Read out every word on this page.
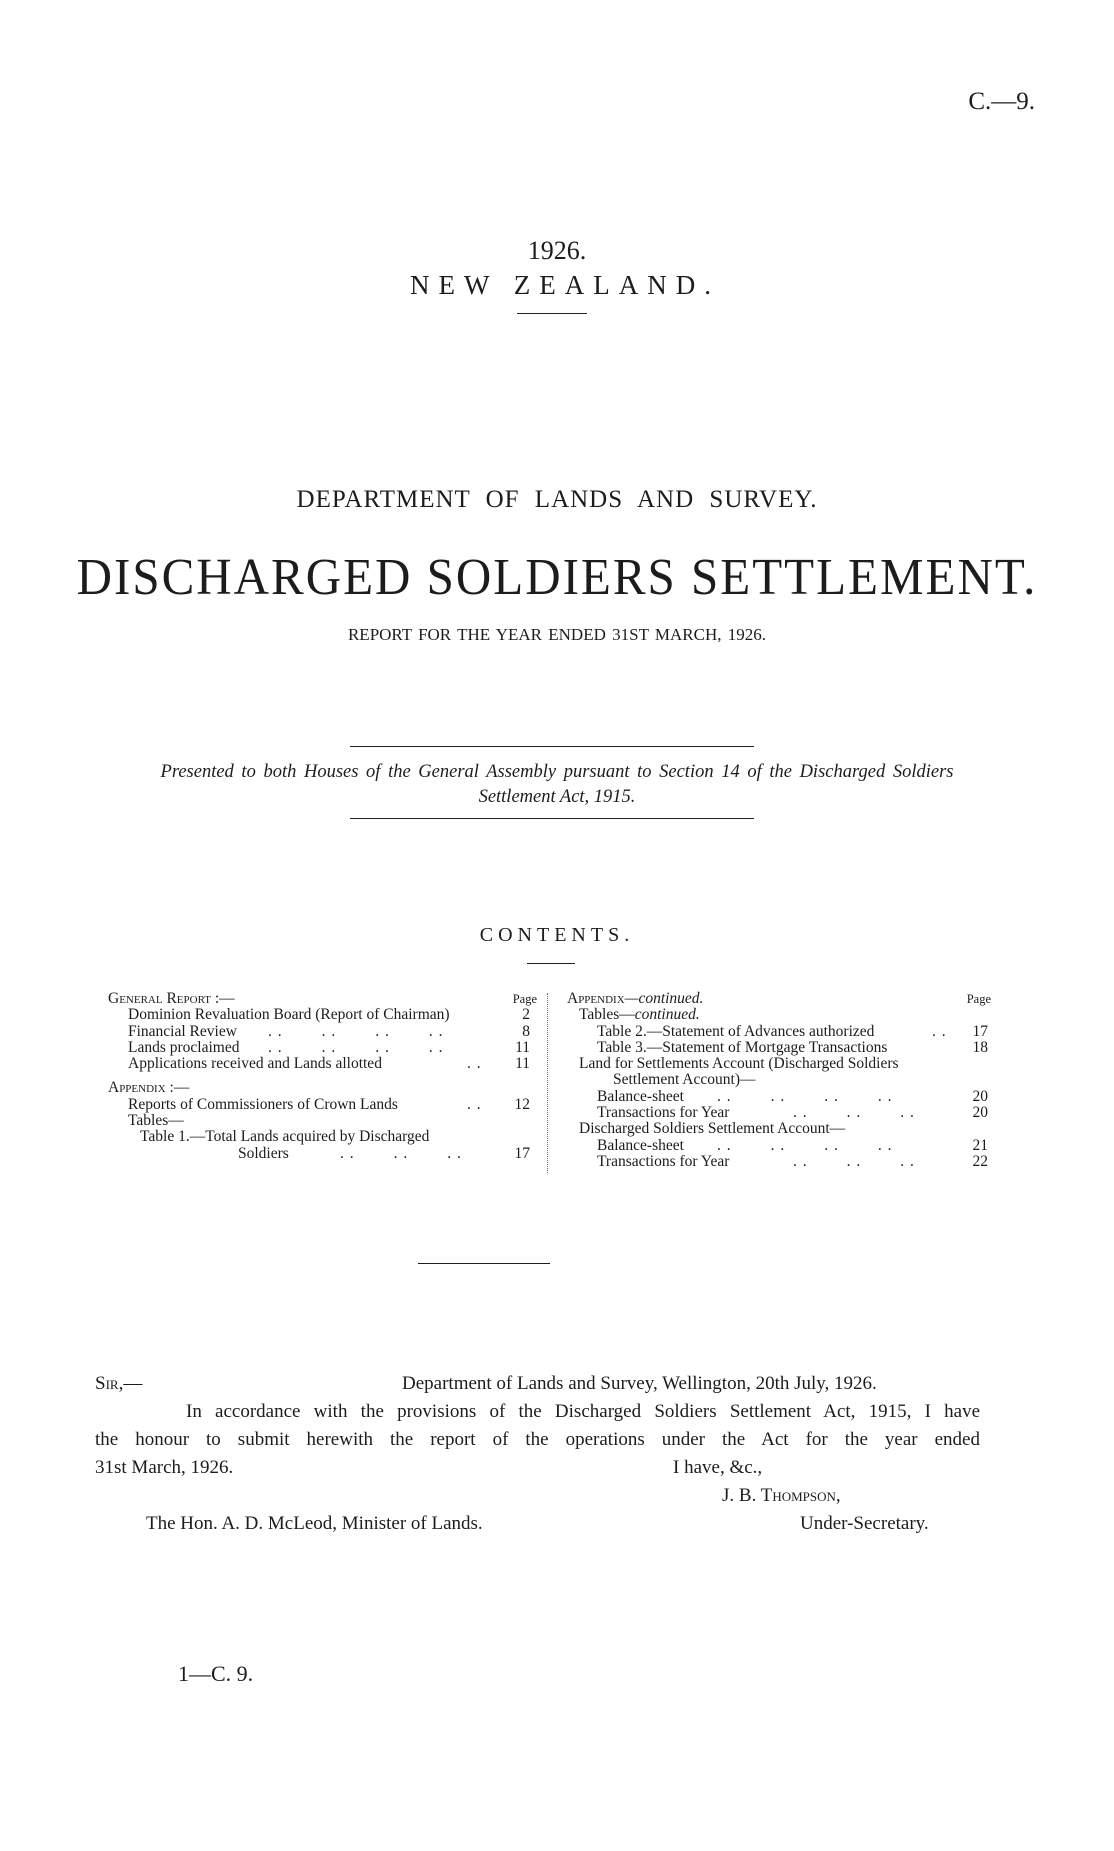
C.—9.
1926.
NEW ZEALAND.
DEPARTMENT OF LANDS AND SURVEY.
DISCHARGED SOLDIERS SETTLEMENT.
REPORT FOR THE YEAR ENDED 31ST MARCH, 1926.
Presented to both Houses of the General Assembly pursuant to Section 14 of the Discharged Soldiers
Settlement Act, 1915.
CONTENTS.
General Report :—	Page
Dominion Revaluation Board (Report of Chairman)	2
Financial Review . .        . .        . .        . .	8
Lands proclaimed . .        . .        . .        . .	11
Applications received and Lands allotted	. . 11
Appendix :—
Reports of Commissioners of Crown Lands	. . 12
Tables—
Table 1.—Total Lands acquired by Discharged
Soldiers	. .        . .        . .	17
Appendix—continued.	Page
Tables—continued.
Table 2.—Statement of Advances authorized	. . 17
Table 3.—Statement of Mortgage Transactions	18
Land for Settlements Account (Discharged Soldiers
Settlement Account)—
Balance-sheet . .        . .        . .        . .	20
Transactions for Year	. .        . .        . .	20
Discharged Soldiers Settlement Account—
Balance-sheet . .        . .        . .        . .	21
Transactions for Year	. .        . .        . .	22
Sir,—	Department of Lands and Survey, Wellington, 20th July, 1926.
In accordance with the provisions of the Discharged Soldiers Settlement Act, 1915, I have
the honour to submit herewith the report of the operations under the Act for the year ended
31st March, 1926.	I have, &c.,
J. B. Thompson,
The Hon. A. D. McLeod, Minister of Lands.	Under-Secretary.
1—C. 9.
